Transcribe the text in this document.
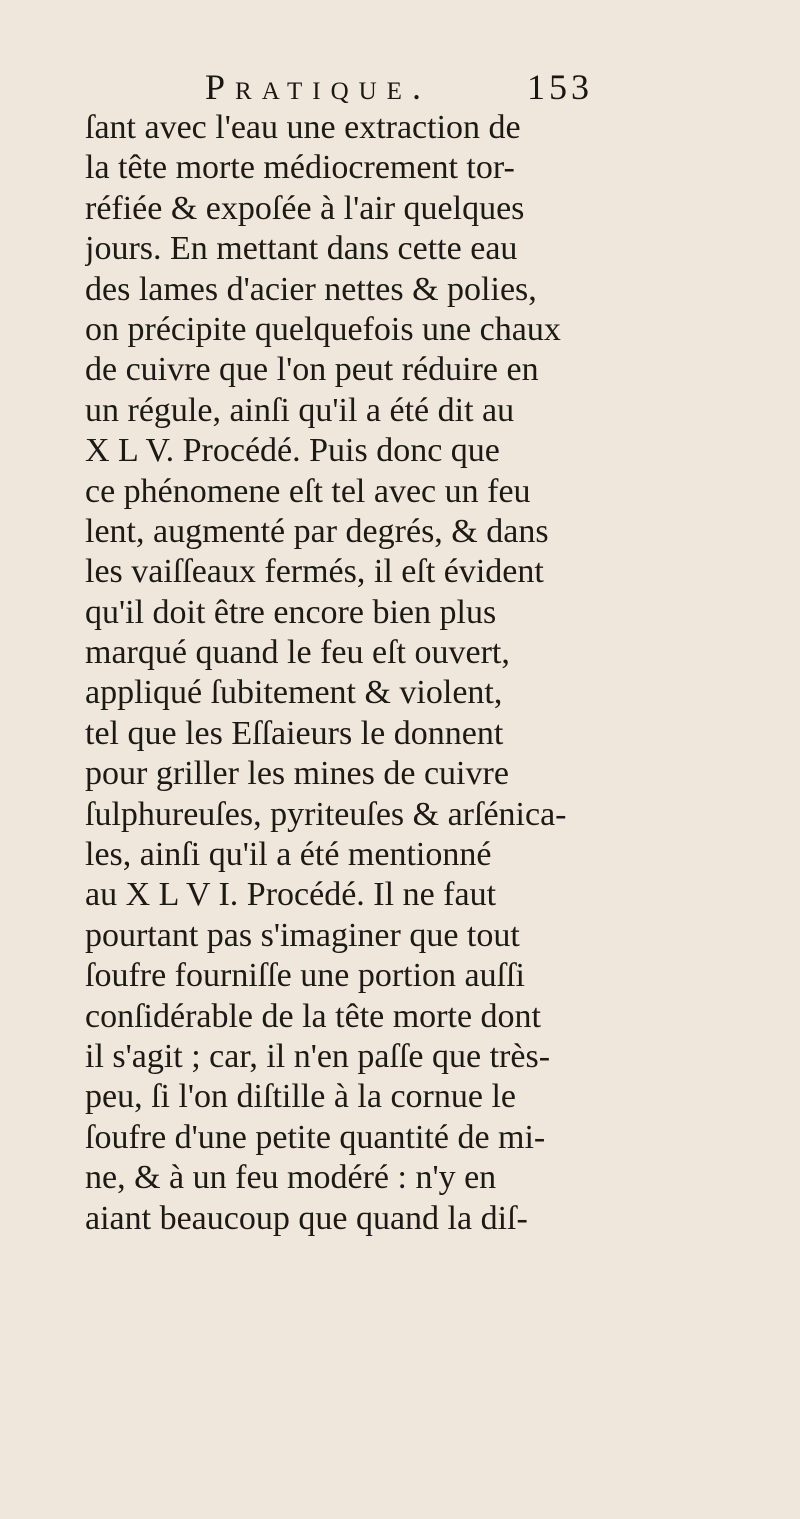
Pratique.	153
ſant avec l'eau une extraction de
la tête morte médiocrement tor-
réfiée & expoſée à l'air quelques
jours. En mettant dans cette eau
des lames d'acier nettes & polies,
on précipite quelquefois une chaux
de cuivre que l'on peut réduire en
un régule, ainſi qu'il a été dit au
X L V. Procédé. Puis donc que
ce phénomene eſt tel avec un feu
lent, augmenté par degrés, & dans
les vaiſſeaux fermés, il eſt évident
qu'il doit être encore bien plus
marqué quand le feu eſt ouvert,
appliqué ſubitement & violent,
tel que les Eſſaieurs le donnent
pour griller les mines de cuivre
ſulphureuſes, pyriteuſes & arſénica-
les, ainſi qu'il a été mentionné
au X L V I. Procédé. Il ne faut
pourtant pas s'imaginer que tout
ſoufre fourniſſe une portion auſſi
conſidérable de la tête morte dont
il s'agit ; car, il n'en paſſe que très-
peu, ſi l'on diſtille à la cornue le
ſoufre d'une petite quantité de mi-
ne, & à un feu modéré : n'y en
aiant beaucoup que quand la diſ-
